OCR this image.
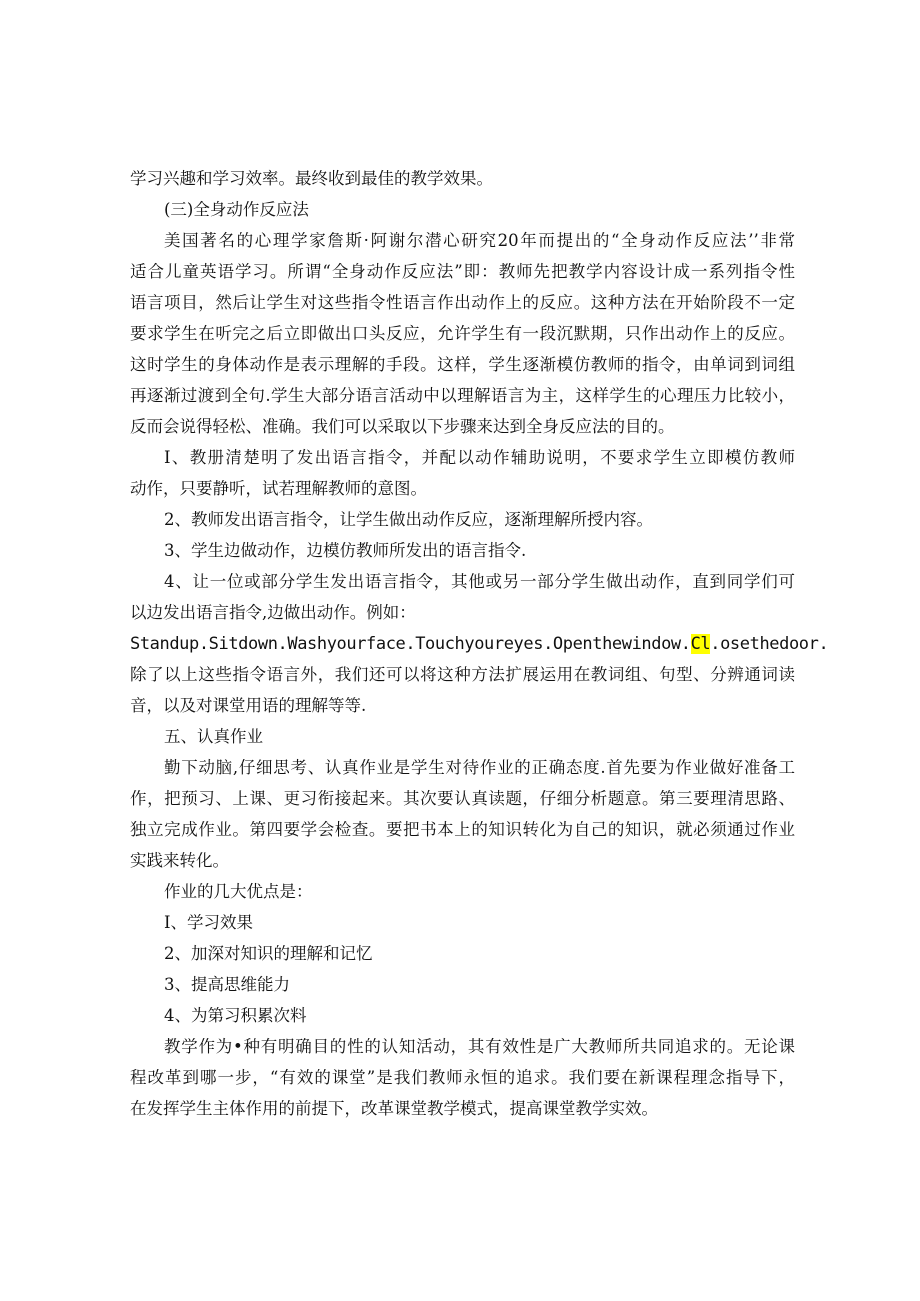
学习兴趣和学习效率。最终收到最佳的教学效果。
(三)全身动作反应法
美国著名的心理学家詹斯·阿谢尔潜心研究20年而提出的“全身动作反应法’’非常
适合儿童英语学习。所谓“全身动作反应法”即：教师先把教学内容设计成一系列指令性
语言项目，然后让学生对这些指令性语言作出动作上的反应。这种方法在开始阶段不一定
要求学生在听完之后立即做出口头反应，允许学生有一段沉默期，只作出动作上的反应。
这时学生的身体动作是表示理解的手段。这样，学生逐渐模仿教师的指令，由单词到词组
再逐渐过渡到全句.学生大部分语言活动中以理解语言为主，这样学生的心理压力比较小，
反而会说得轻松、准确。我们可以采取以下步骤来达到全身反应法的目的。
I、教册清楚明了发出语言指令，并配以动作辅助说明，不要求学生立即模仿教师
动作，只要静听，试若理解教师的意图。
2、教师发出语言指令，让学生做出动作反应，逐渐理解所授内容。
3、学生边做动作，边模仿教师所发出的语言指令.
4、让一位或部分学生发出语言指令，其他或另一部分学生做出动作，直到同学们可
以边发出语言指令,边做出动作。例如：
Standup.Sitdown.Washyourface.Touchyoureyes.Openthewindow.Cl.osethedoor.
除了以上这些指令语言外，我们还可以将这种方法扩展运用在教词组、句型、分辨通词读
音，以及对课堂用语的理解等等.
五、认真作业
勤下动脑,仔细思考、认真作业是学生对待作业的正确态度.首先要为作业做好准备工
作，把预习、上课、更习衔接起来。其次要认真读题，仔细分析题意。第三要理清思路、
独立完成作业。第四要学会检查。要把书本上的知识转化为自己的知识，就必须通过作业
实践来转化。
作业的几大优点是：
I、学习效果
2、加深对知识的理解和记忆
3、提高思维能力
4、为第习积累次料
教学作为•种有明确目的性的认知活动，其有效性是广大教师所共同追求的。无论课
程改革到哪一步，“有效的课堂”是我们教师永恒的追求。我们要在新课程理念指导下，
在发挥学生主体作用的前提下，改革课堂教学模式，提高课堂教学实效。
